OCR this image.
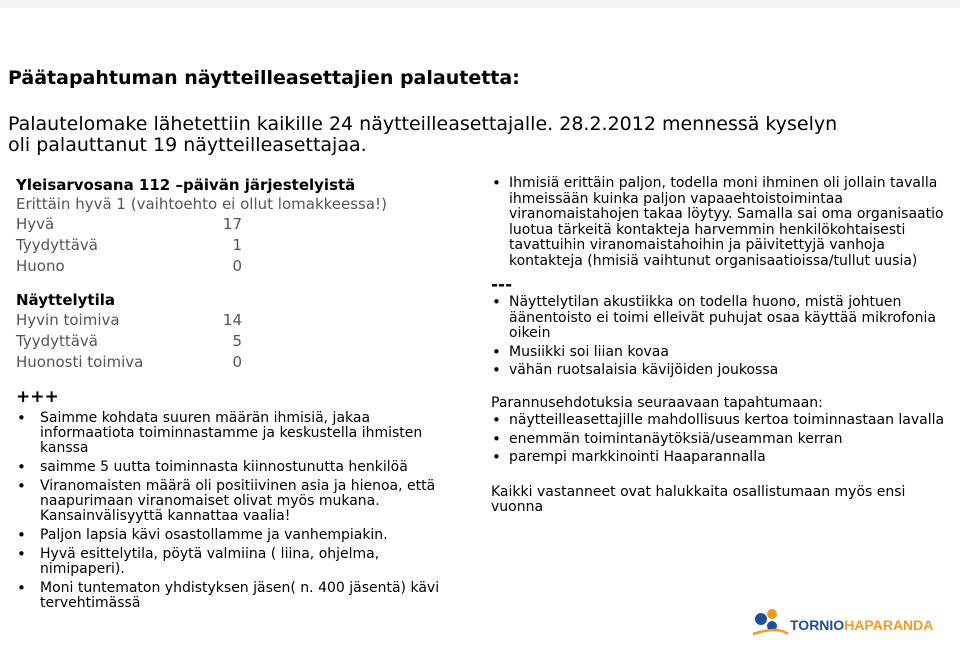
Päätapahtuman näytteilleasettajien palautetta:
Palautelomake lähetettiin kaikille 24 näytteilleasettajalle. 28.2.2012 mennessä kyselyn oli palauttanut 19 näytteilleasettajaa.
Yleisarvosana 112 –päivän järjestelyistä
Erittäin hyvä 1 (vaihtoehto ei ollut lomakkeessa!)
Hyvä	17
Tyydyttävä	1
Huono	0
Näyttelytila
Hyvin toimiva	14
Tyydyttävä	5
Huonosti toimiva	0
+++
• Saimme kohdata suuren määrän ihmisiä, jakaa informaatiota toiminnastamme ja keskustella ihmisten kanssa
• saimme 5 uutta toiminnasta kiinnostunutta henkilöä
• Viranomaisten määrä oli positiivinen asia ja hienoa, että naapurimaan viranomaiset olivat myös mukana. Kansainvälisyyttä kannattaa vaalia!
• Paljon lapsia kävi osastollamme ja vanhempiakin.
• Hyvä esittelytila, pöytä valmiina ( liina, ohjelma, nimipaperi).
• Moni tuntematon yhdistyksen jäsen( n. 400 jäsentä) kävi tervehtimässä
• Ihmisiä erittäin paljon, todella moni ihminen oli jollain tavalla ihmeissään kuinka paljon vapaaehtoistoimintaa viranomaistahojen takaa löytyy. Samalla sai oma organisaatio luotua tärkeitä kontakteja harvemmin henkilökohtaisesti tavattuihin viranomaistahoihin ja päivitettyjä vanhoja kontakteja (hmisiä vaihtunut organisaatioissa/tullut uusia)
---
• Näyttelytilan akustiikka on todella huono, mistä johtuen äänentoisto ei toimi elleivät puhujat osaa käyttää mikrofonia oikein
• Musiikki soi liian kovaa
• vähän ruotsalaisia kävijöiden joukossa
Parannusehdotuksia seuraavaan tapahtumaan:
• näytteilleasettajille mahdollisuus kertoa toiminnastaan lavalla
• enemmän toimintanäytöksiä/useamman kerran
• parempi markkinointi Haaparannalla
Kaikki vastanneet ovat halukkaita osallistumaan myös ensi vuonna
TORNIOHAPARANDA
